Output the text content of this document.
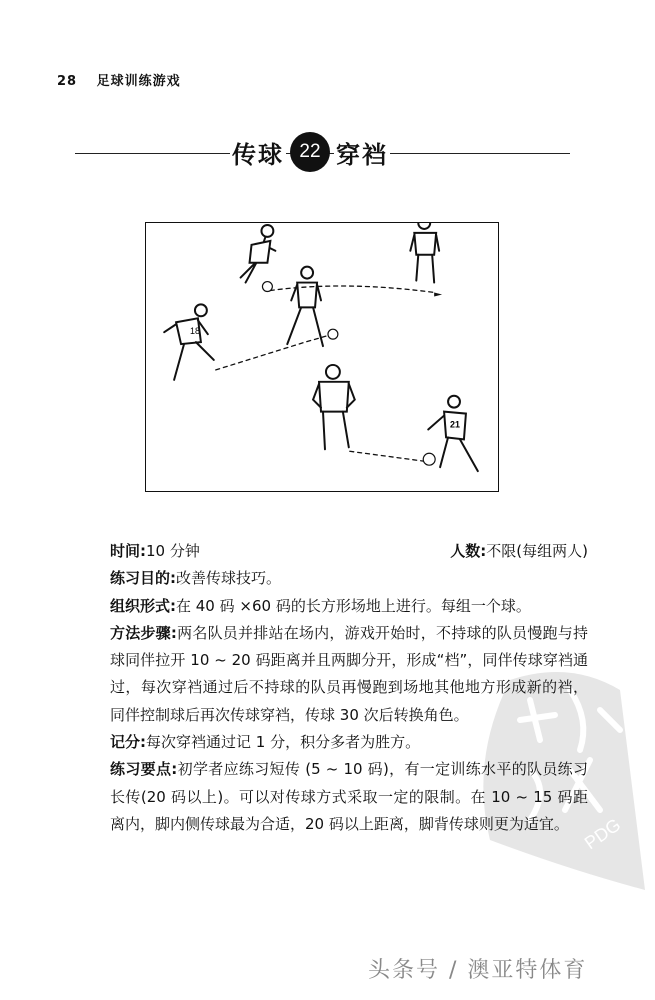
28 足球训练游戏
传球 22 穿裆
18
21
PDG

时间:10 分钟	人数:不限(每组两人)

练习目的:改善传球技巧。

组织形式:在 40 码 ×60 码的长方形场地上进行。每组一个球。

方法步骤:两名队员并排站在场内，游戏开始时，不持球的队员慢跑与持球同伴拉开 10 ~ 20 码距离并且两脚分开，形成“档”，同伴传球穿裆通过，每次穿裆通过后不持球的队员再慢跑到场地其他地方形成新的裆，同伴控制球后再次传球穿裆，传球 30 次后转换角色。

记分:每次穿裆通过记 1 分，积分多者为胜方。

练习要点:初学者应练习短传 (5 ~ 10 码)，有一定训练水平的队员练习长传(20 码以上)。可以对传球方式采取一定的限制。在 10 ~ 15 码距离内，脚内侧传球最为合适，20 码以上距离，脚背传球则更为适宜。

头条号 / 澳亚特体育
